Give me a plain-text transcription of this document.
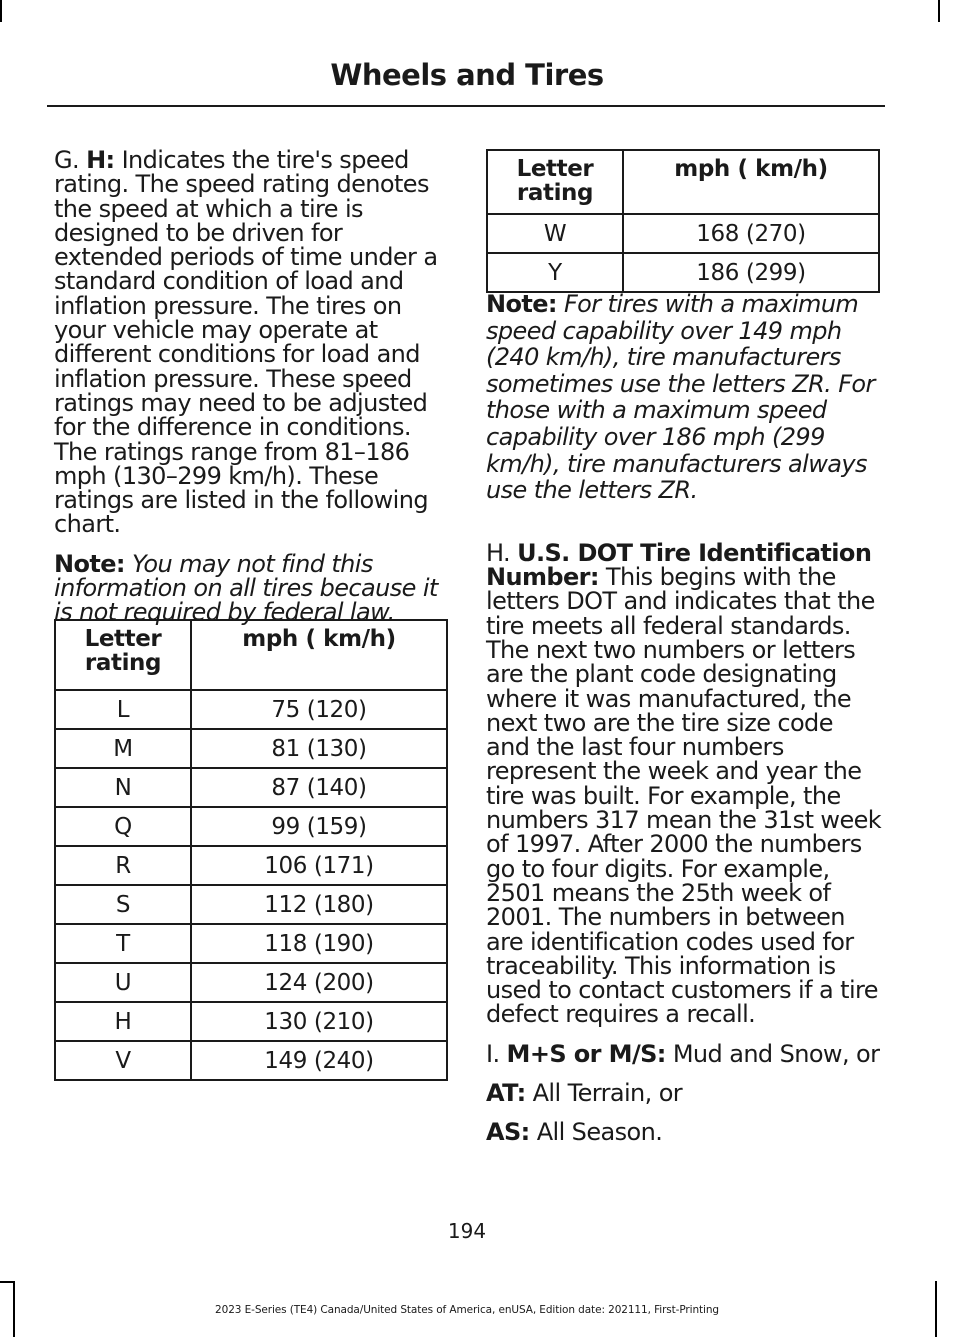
Wheels and Tires

G. H: Indicates the tire's speed rating. The speed rating denotes the speed at which a tire is designed to be driven for extended periods of time under a standard condition of load and inflation pressure. The tires on your vehicle may operate at different conditions for load and inflation pressure. These speed ratings may need to be adjusted for the difference in conditions. The ratings range from 81–186 mph (130–299 km/h). These ratings are listed in the following chart.

Note: You may not find this information on all tires because it is not required by federal law.

Letter rating	mph ( km/h)
L	75 (120)
M	81 (130)
N	87 (140)
Q	99 (159)
R	106 (171)
S	112 (180)
T	118 (190)
U	124 (200)
H	130 (210)
V	149 (240)
Letter rating	mph ( km/h)
W	168 (270)
Y	186 (299)

Note: For tires with a maximum speed capability over 149 mph (240 km/h), tire manufacturers sometimes use the letters ZR. For those with a maximum speed capability over 186 mph (299 km/h), tire manufacturers always use the letters ZR.

H. U.S. DOT Tire Identification Number: This begins with the letters DOT and indicates that the tire meets all federal standards. The next two numbers or letters are the plant code designating where it was manufactured, the next two are the tire size code and the last four numbers represent the week and year the tire was built. For example, the numbers 317 mean the 31st week of 1997. After 2000 the numbers go to four digits. For example, 2501 means the 25th week of 2001. The numbers in between are identification codes used for traceability. This information is used to contact customers if a tire defect requires a recall.

I. M+S or M/S: Mud and Snow, or

AT: All Terrain, or

AS: All Season.

194
2023 E-Series (TE4) Canada/United States of America, enUSA, Edition date: 202111, First-Printing
